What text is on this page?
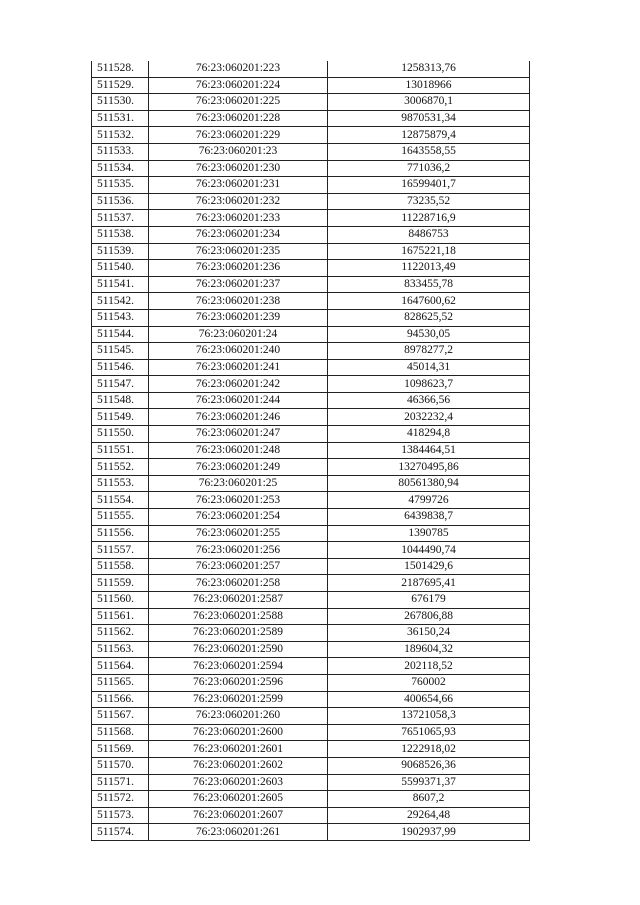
511528.	76:23:060201:223	1258313,76
511529.	76:23:060201:224	13018966
511530.	76:23:060201:225	3006870,1
511531.	76:23:060201:228	9870531,34
511532.	76:23:060201:229	12875879,4
511533.	76:23:060201:23	1643558,55
511534.	76:23:060201:230	771036,2
511535.	76:23:060201:231	16599401,7
511536.	76:23:060201:232	73235,52
511537.	76:23:060201:233	11228716,9
511538.	76:23:060201:234	8486753
511539.	76:23:060201:235	1675221,18
511540.	76:23:060201:236	1122013,49
511541.	76:23:060201:237	833455,78
511542.	76:23:060201:238	1647600,62
511543.	76:23:060201:239	828625,52
511544.	76:23:060201:24	94530,05
511545.	76:23:060201:240	8978277,2
511546.	76:23:060201:241	45014,31
511547.	76:23:060201:242	1098623,7
511548.	76:23:060201:244	46366,56
511549.	76:23:060201:246	2032232,4
511550.	76:23:060201:247	418294,8
511551.	76:23:060201:248	1384464,51
511552.	76:23:060201:249	13270495,86
511553.	76:23:060201:25	80561380,94
511554.	76:23:060201:253	4799726
511555.	76:23:060201:254	6439838,7
511556.	76:23:060201:255	1390785
511557.	76:23:060201:256	1044490,74
511558.	76:23:060201:257	1501429,6
511559.	76:23:060201:258	2187695,41
511560.	76:23:060201:2587	676179
511561.	76:23:060201:2588	267806,88
511562.	76:23:060201:2589	36150,24
511563.	76:23:060201:2590	189604,32
511564.	76:23:060201:2594	202118,52
511565.	76:23:060201:2596	760002
511566.	76:23:060201:2599	400654,66
511567.	76:23:060201:260	13721058,3
511568.	76:23:060201:2600	7651065,93
511569.	76:23:060201:2601	1222918,02
511570.	76:23:060201:2602	9068526,36
511571.	76:23:060201:2603	5599371,37
511572.	76:23:060201:2605	8607,2
511573.	76:23:060201:2607	29264,48
511574.	76:23:060201:261	1902937,99
